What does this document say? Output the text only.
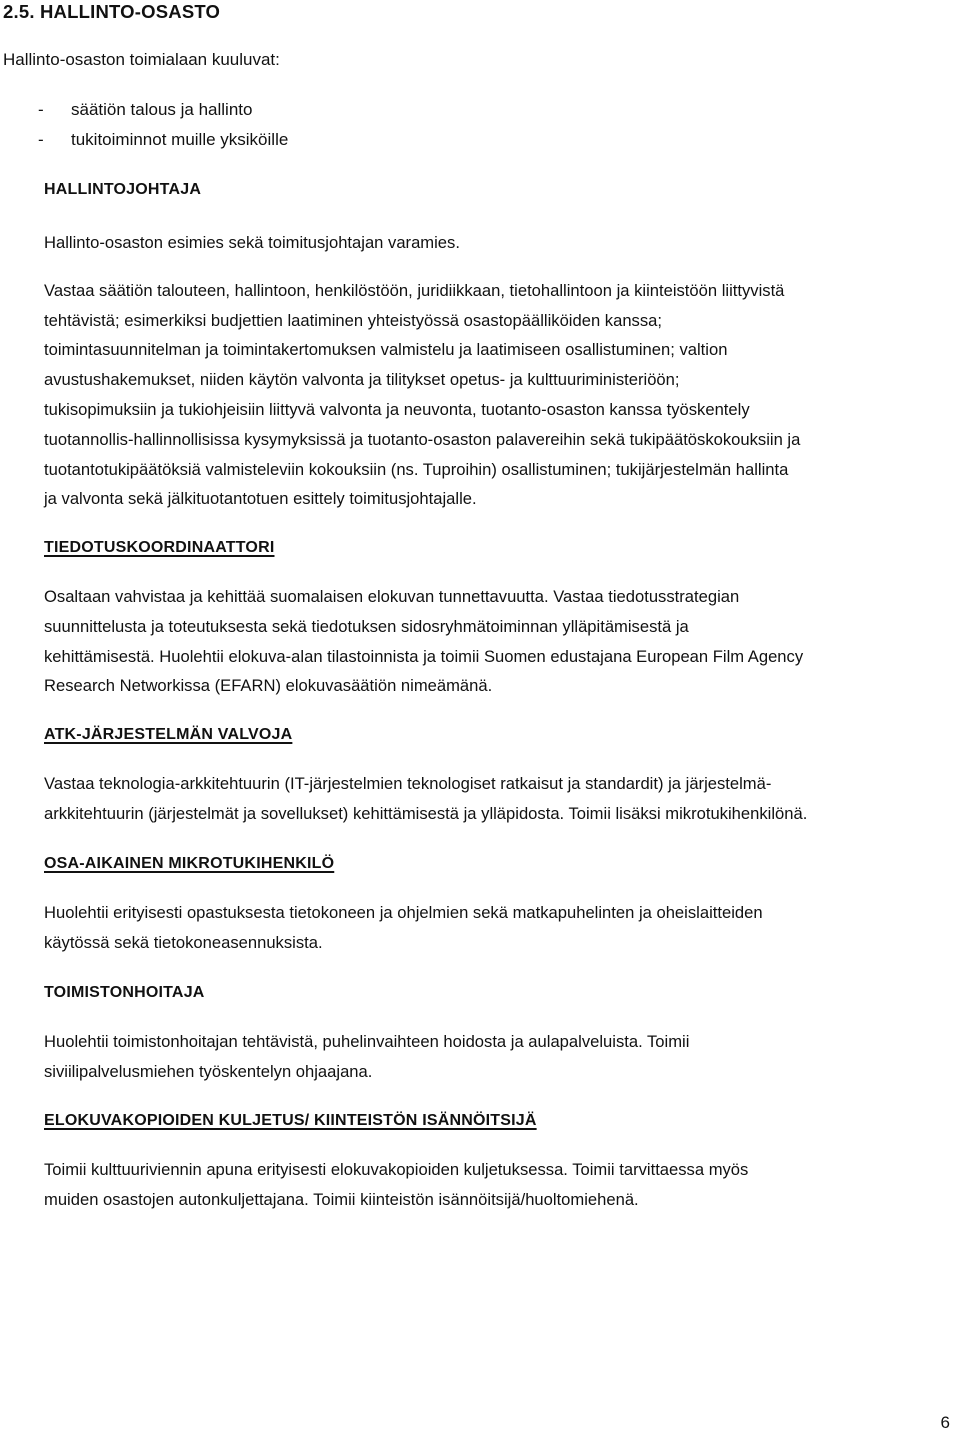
2.5. HALLINTO-OSASTO
Hallinto-osaston toimialaan kuuluvat:
- säätiön talous ja hallinto
- tukitoiminnot muille yksiköille
HALLINTOJOHTAJA

Hallinto-osaston esimies sekä toimitusjohtajan varamies.

Vastaa säätiön talouteen, hallintoon, henkilöstöön, juridiikkaan, tietohallintoon ja kiinteistöön liittyvistä
tehtävistä; esimerkiksi budjettien laatiminen yhteistyössä osastopäälliköiden kanssa;
toimintasuunnitelman ja toimintakertomuksen valmistelu ja laatimiseen osallistuminen; valtion
avustushakemukset, niiden käytön valvonta ja tilitykset opetus- ja kulttuuriministeriöön;
tukisopimuksiin ja tukiohjeisiin liittyvä valvonta ja neuvonta, tuotanto-osaston kanssa työskentely
tuotannollis-hallinnollisissa kysymyksissä ja tuotanto-osaston palavereihin sekä tukipäätöskokouksiin ja
tuotantotukipäätöksiä valmisteleviin kokouksiin (ns. Tuproihin) osallistuminen; tukijärjestelmän hallinta
ja valvonta sekä jälkituotantotuen esittely toimitusjohtajalle.

TIEDOTUSKOORDINAATTORI

Osaltaan vahvistaa ja kehittää suomalaisen elokuvan tunnettavuutta. Vastaa tiedotusstrategian
suunnittelusta ja toteutuksesta sekä tiedotuksen sidosryhmätoiminnan ylläpitämisestä ja
kehittämisestä. Huolehtii elokuva-alan tilastoinnista ja toimii Suomen edustajana European Film Agency
Research Networkissa (EFARN) elokuvasäätiön nimeämänä.

ATK-JÄRJESTELMÄN VALVOJA

Vastaa teknologia-arkkitehtuurin (IT-järjestelmien teknologiset ratkaisut ja standardit) ja järjestelmä-
arkkitehtuurin (järjestelmät ja sovellukset) kehittämisestä ja ylläpidosta. Toimii lisäksi mikrotukihenkilönä.

OSA-AIKAINEN MIKROTUKIHENKILÖ

Huolehtii erityisesti opastuksesta tietokoneen ja ohjelmien sekä matkapuhelinten ja oheislaitteiden
käytössä sekä tietokoneasennuksista.

TOIMISTONHOITAJA

Huolehtii toimistonhoitajan tehtävistä, puhelinvaihteen hoidosta ja aulapalveluista. Toimii
siviilipalvelusmiehen työskentelyn ohjaajana.

ELOKUVAKOPIOIDEN KULJETUS/ KIINTEISTÖN ISÄNNÖITSIJÄ

Toimii kulttuuriviennin apuna erityisesti elokuvakopioiden kuljetuksessa. Toimii tarvittaessa myös
muiden osastojen autonkuljettajana. Toimii kiinteistön isännöitsijä/huoltomiehenä.

6
